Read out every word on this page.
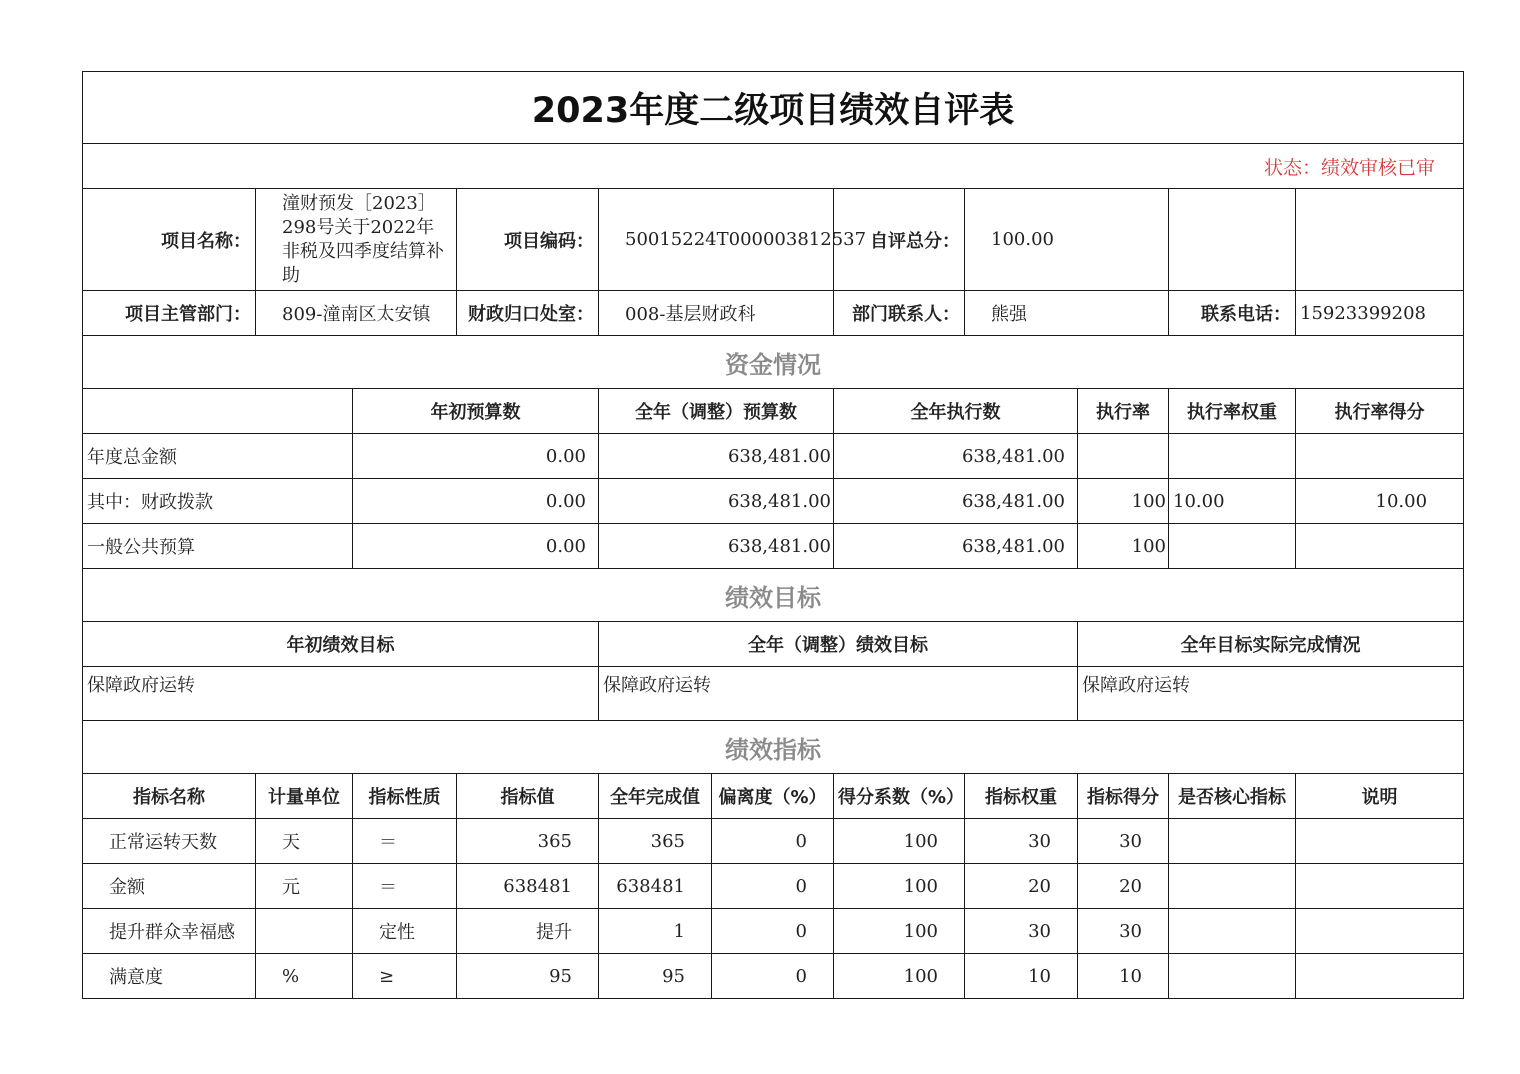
2023年度二级项目绩效自评表										
状态：绩效审核已审										
项目名称：	潼财预发［2023］298号关于2022年非税及四季度结算补助		项目编码：	50015224T000003812537		自评总分：	100.00			
项目主管部门：	809-潼南区太安镇		财政归口处室：	008-基层财政科		部门联系人：	熊强		联系电话：	15923399208
资金情况										
		年初预算数		全年（调整）预算数		全年执行数		执行率	执行率权重	执行率得分
年度总金额		0.00		638,481.00		638,481.00				
其中：财政拨款		0.00		638,481.00		638,481.00		100	10.00	10.00
一般公共预算		0.00		638,481.00		638,481.00		100		
绩效目标										
年初绩效目标				全年（调整）绩效目标				全年目标实际完成情况		
保障政府运转				保障政府运转				保障政府运转		
绩效指标										
指标名称	计量单位	指标性质	指标值	全年完成值	偏离度（%）	得分系数（%）	指标权重	指标得分	是否核心指标	说明
正常运转天数	天	＝	365	365	0	100	30	30		
金额	元	＝	638481	638481	0	100	20	20		
提升群众幸福感		定性	提升	1	0	100	30	30		
满意度	%	≥	95	95	0	100	10	10		
